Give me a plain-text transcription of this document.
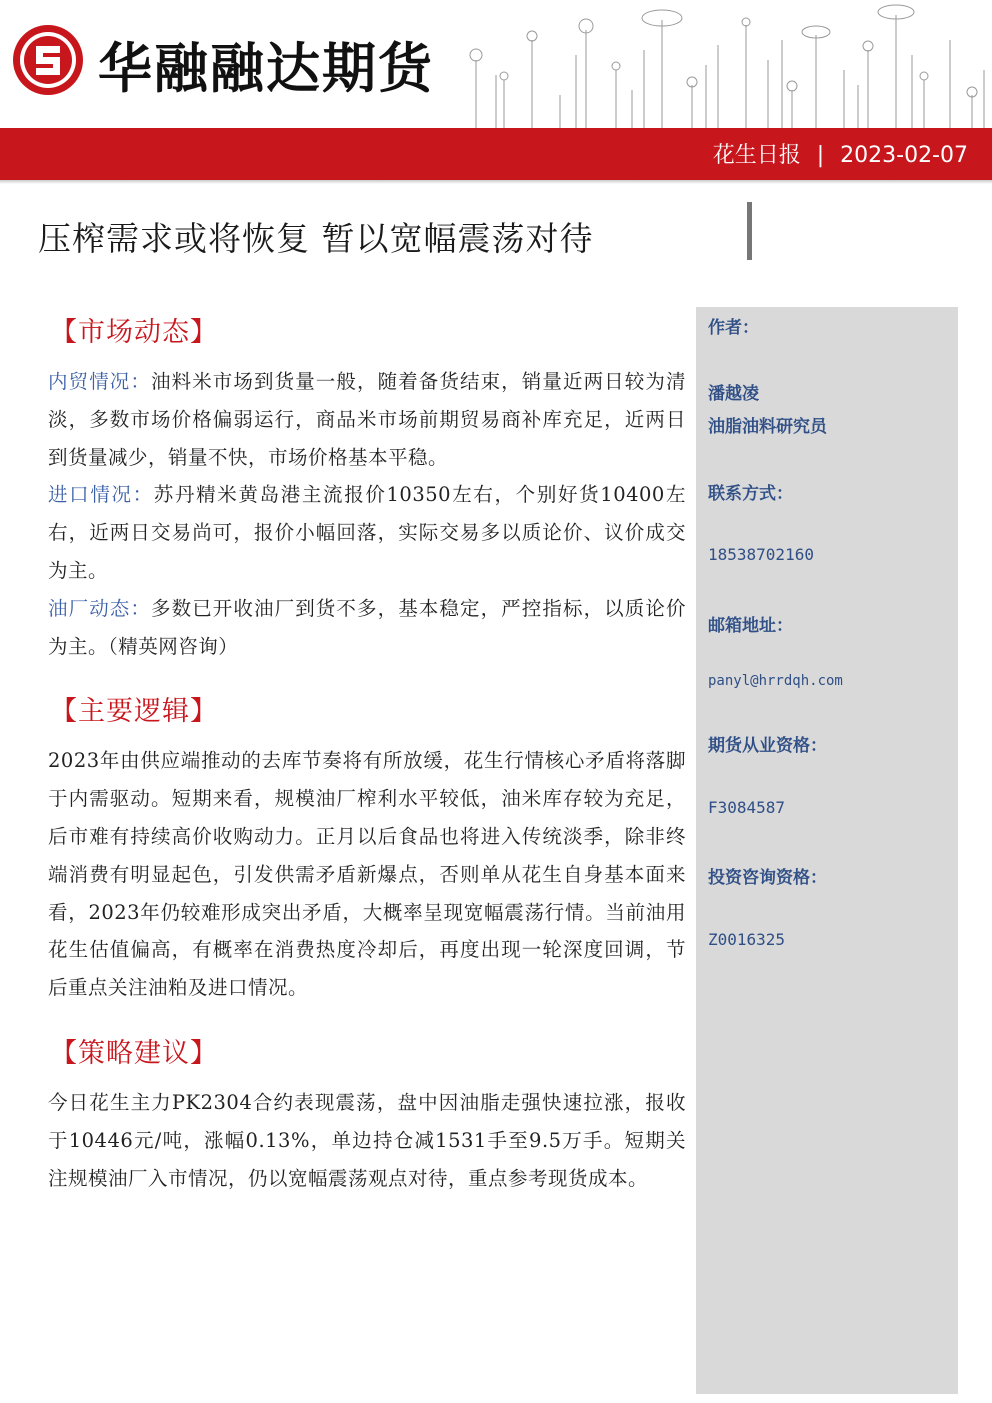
华融融达期货
花生日报 | 2023-02-07
压榨需求或将恢复 暂以宽幅震荡对待
【市场动态】

内贸情况：油料米市场到货量一般，随着备货结束，销量近两日较为清淡，多数市场价格偏弱运行，商品米市场前期贸易商补库充足，近两日到货量减少，销量不快，市场价格基本平稳。

进口情况：苏丹精米黄岛港主流报价10350左右，个别好货10400左右，近两日交易尚可，报价小幅回落，实际交易多以质论价、议价成交为主。

油厂动态：多数已开收油厂到货不多，基本稳定，严控指标，以质论价为主。（精英网咨询）

【主要逻辑】

2023年由供应端推动的去库节奏将有所放缓，花生行情核心矛盾将落脚于内需驱动。短期来看，规模油厂榨利水平较低，油米库存较为充足，后市难有持续高价收购动力。正月以后食品也将进入传统淡季，除非终端消费有明显起色，引发供需矛盾新爆点，否则单从花生自身基本面来看，2023年仍较难形成突出矛盾，大概率呈现宽幅震荡行情。当前油用花生估值偏高，有概率在消费热度冷却后，再度出现一轮深度回调，节后重点关注油粕及进口情况。

【策略建议】

今日花生主力PK2304合约表现震荡，盘中因油脂走强快速拉涨，报收于10446元/吨，涨幅0.13%，单边持仓减1531手至9.5万手。短期关注规模油厂入市情况，仍以宽幅震荡观点对待，重点参考现货成本。

作者：
潘越凌
油脂油料研究员
联系方式：
18538702160
邮箱地址：
panyl@hrrdqh.com
期货从业资格：
F3084587
投资咨询资格：
Z0016325
